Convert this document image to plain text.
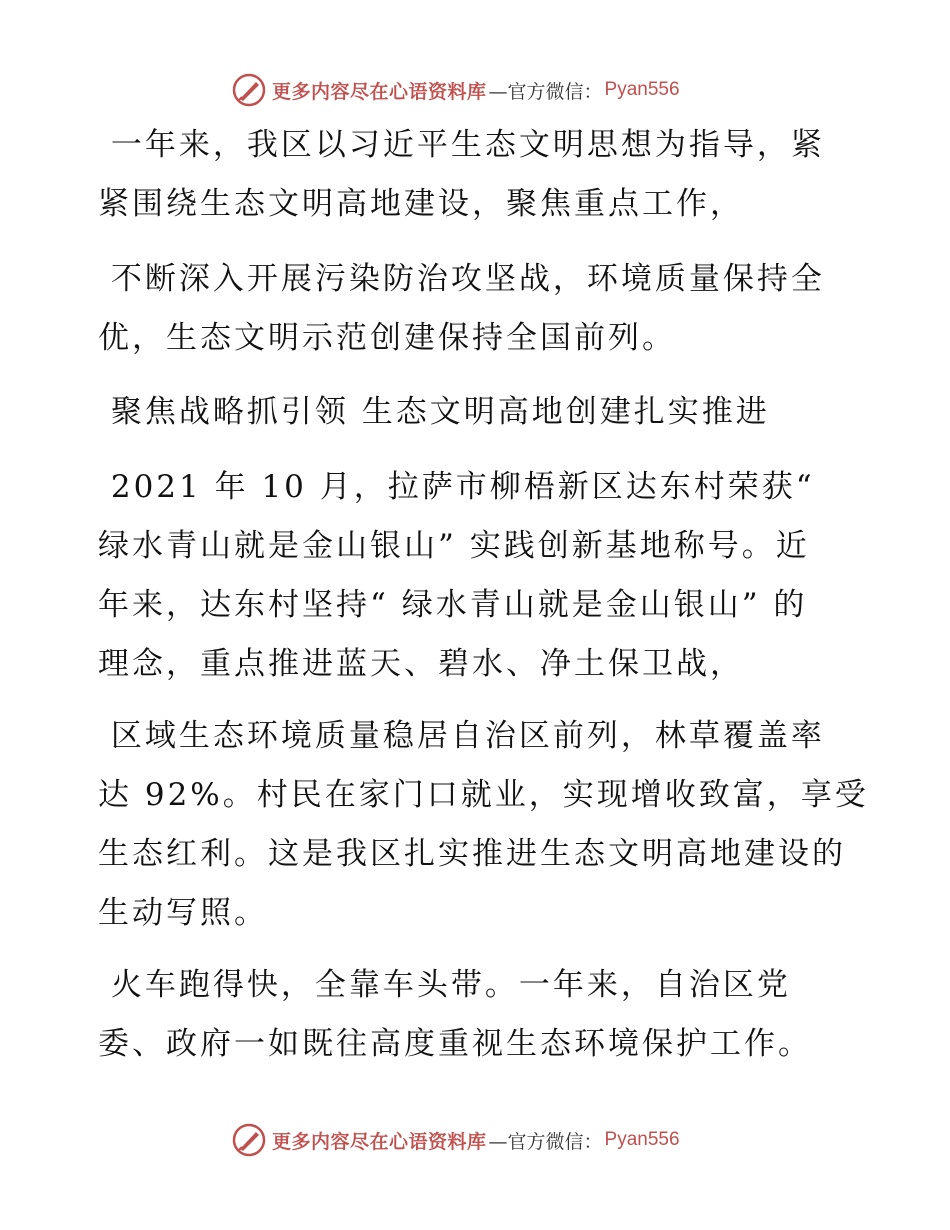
更多内容尽在心语资料库 —官方微信： Pyan556

一年来，我区以习近平生态文明思想为指导，紧
紧围绕生态文明高地建设，聚焦重点工作，

不断深入开展污染防治攻坚战，环境质量保持全
优，生态文明示范创建保持全国前列。

聚焦战略抓引领 生态文明高地创建扎实推进

2021 年 10 月，拉萨市柳梧新区达东村荣获“
绿水青山就是金山银山” 实践创新基地称号。近
年来，达东村坚持“ 绿水青山就是金山银山” 的
理念，重点推进蓝天、碧水、净土保卫战，

区域生态环境质量稳居自治区前列，林草覆盖率
达 92%。村民在家门口就业，实现增收致富，享受
生态红利。这是我区扎实推进生态文明高地建设的
生动写照。

火车跑得快，全靠车头带。一年来，自治区党
委、政府一如既往高度重视生态环境保护工作。

更多内容尽在心语资料库 —官方微信： Pyan556
